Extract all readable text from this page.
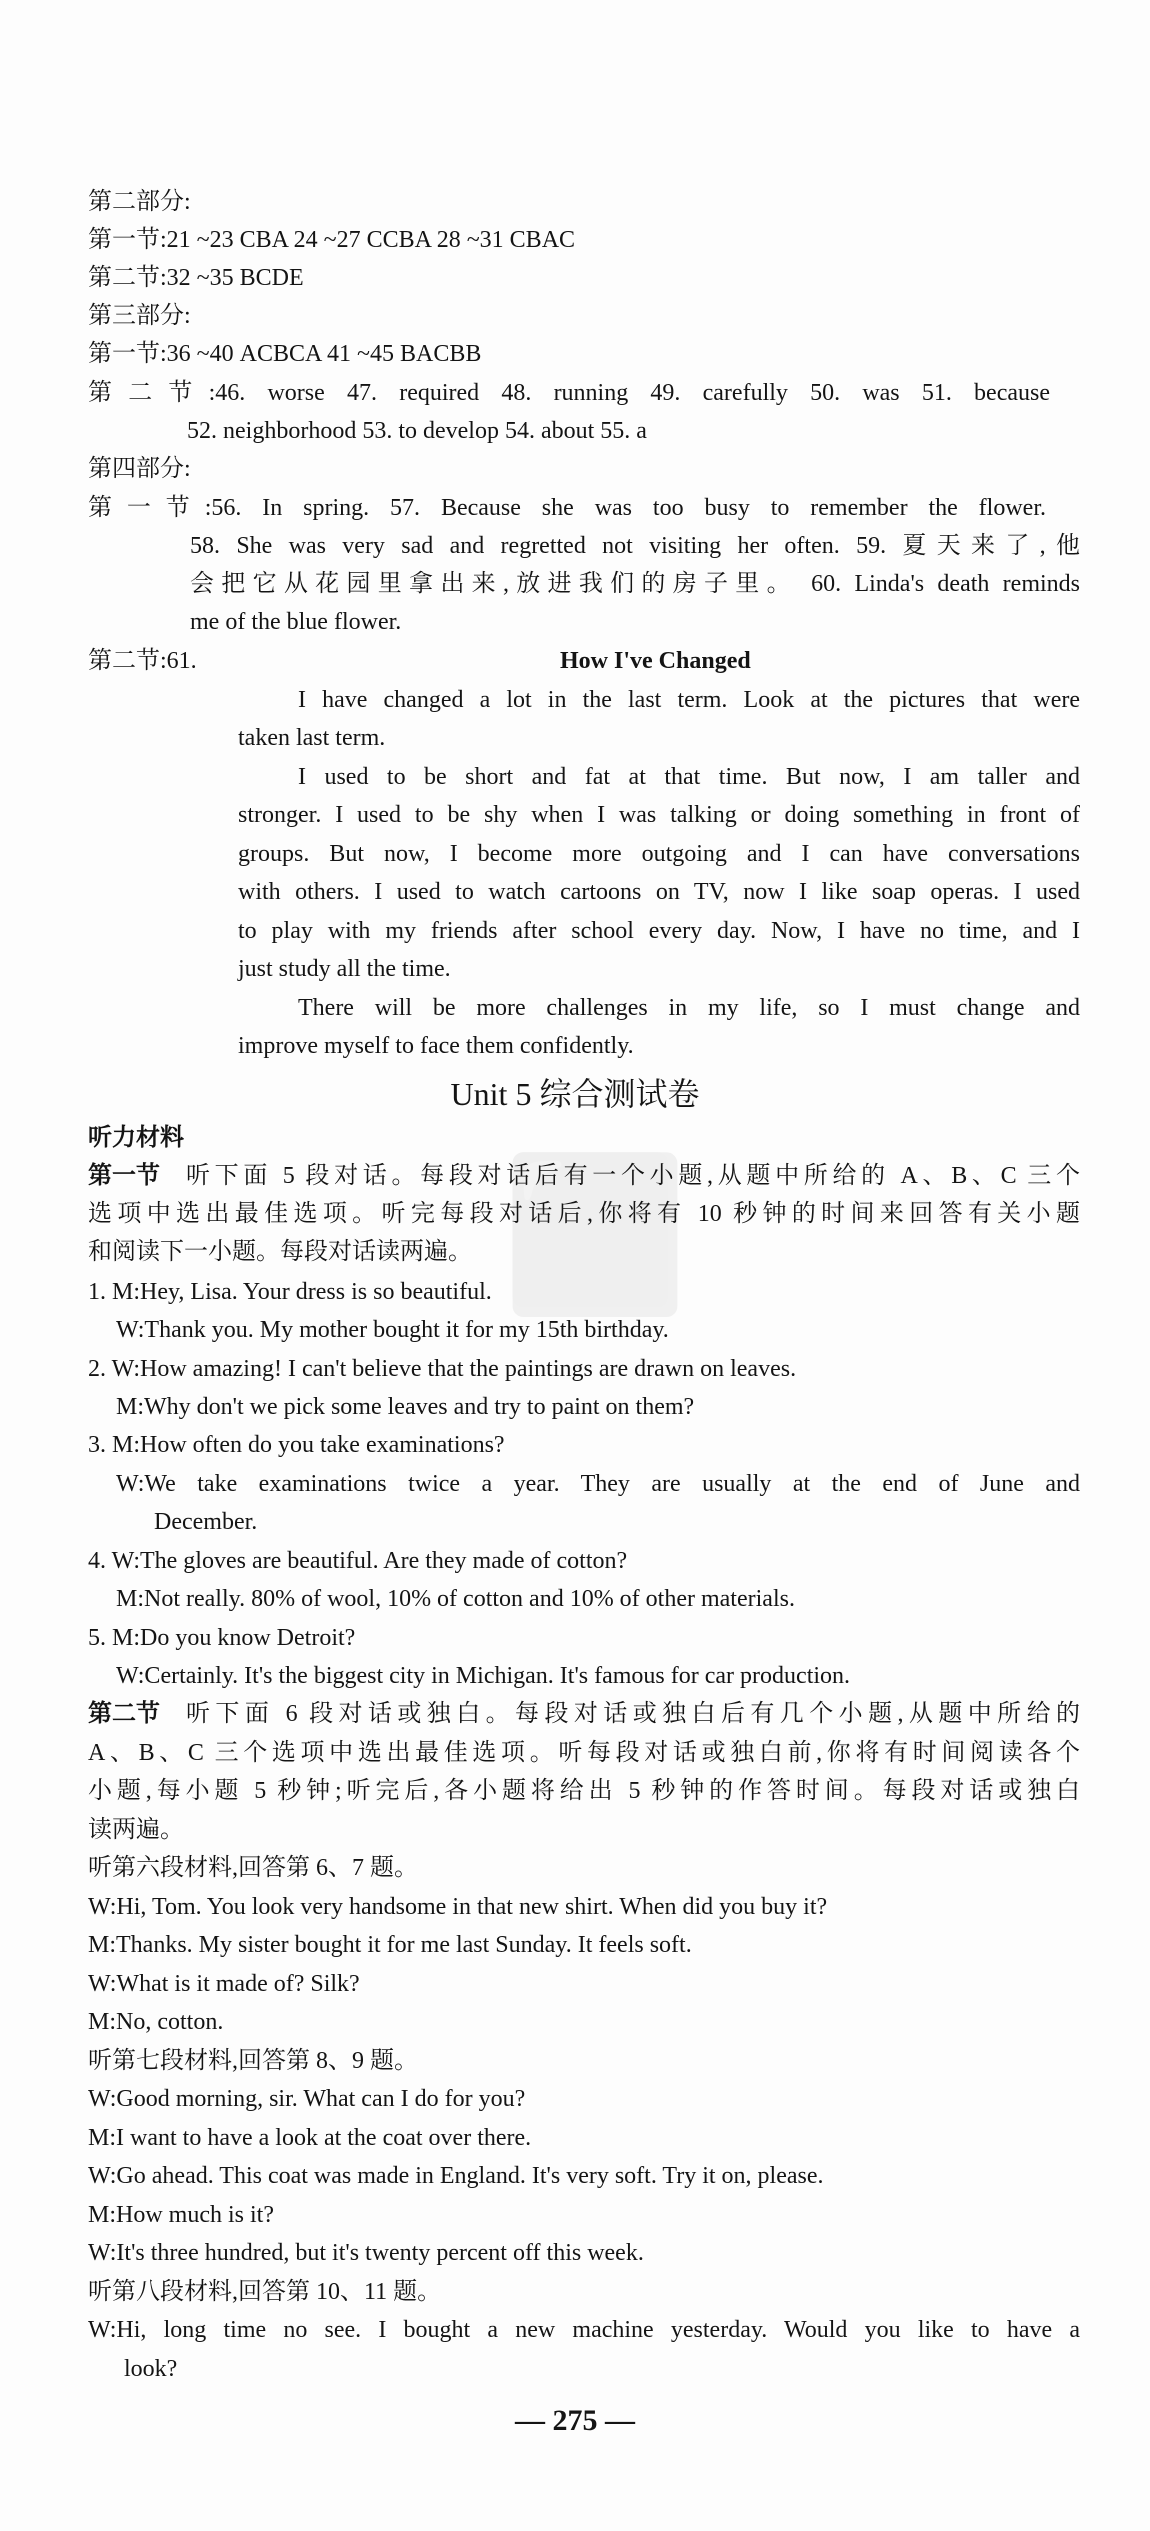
⬛
第二部分:
第一节:21 ~23 CBA 24 ~27 CCBA 28 ~31 CBAC
第二节:32 ~35 BCDE
第三部分:
第一节:36 ~40 ACBCA 41 ~45 BACBB
第二节:46. worse 47. required 48. running 49. carefully 50. was 51. because
52. neighborhood 53. to develop 54. about 55. a
第四部分:
第一节:56. In spring. 57. Because she was too busy to remember the flower.
58. She was very sad and regretted not visiting her often. 59. 夏天来了,他
会把它从花园里拿出来,放进我们的房子里。 60. Linda's death reminds
me of the blue flower.
第二节:61.	How I've Changed
I have changed a lot in the last term. Look at the pictures that were
taken last term.
I used to be short and fat at that time. But now, I am taller and
stronger. I used to be shy when I was talking or doing something in front of
groups. But now, I become more outgoing and I can have conversations
with others. I used to watch cartoons on TV, now I like soap operas. I used
to play with my friends after school every day. Now, I have no time, and I
just study all the time.
There will be more challenges in my life, so I must change and
improve myself to face them confidently.
Unit 5 综合测试卷
听力材料
第一节 听下面 5 段对话。每段对话后有一个小题,从题中所给的 A、B、C 三个
选项中选出最佳选项。听完每段对话后,你将有 10 秒钟的时间来回答有关小题
和阅读下一小题。每段对话读两遍。
1. M:Hey, Lisa. Your dress is so beautiful.
W:Thank you. My mother bought it for my 15th birthday.
2. W:How amazing! I can't believe that the paintings are drawn on leaves.
M:Why don't we pick some leaves and try to paint on them?
3. M:How often do you take examinations?
W:We take examinations twice a year. They are usually at the end of June and
December.
4. W:The gloves are beautiful. Are they made of cotton?
M:Not really. 80% of wool, 10% of cotton and 10% of other materials.
5. M:Do you know Detroit?
W:Certainly. It's the biggest city in Michigan. It's famous for car production.
第二节 听下面 6 段对话或独白。每段对话或独白后有几个小题,从题中所给的
A、B、C 三个选项中选出最佳选项。听每段对话或独白前,你将有时间阅读各个
小题,每小题 5 秒钟;听完后,各小题将给出 5 秒钟的作答时间。每段对话或独白
读两遍。
听第六段材料,回答第 6、7 题。
W:Hi, Tom. You look very handsome in that new shirt. When did you buy it?
M:Thanks. My sister bought it for me last Sunday. It feels soft.
W:What is it made of? Silk?
M:No, cotton.
听第七段材料,回答第 8、9 题。
W:Good morning, sir. What can I do for you?
M:I want to have a look at the coat over there.
W:Go ahead. This coat was made in England. It's very soft. Try it on, please.
M:How much is it?
W:It's three hundred, but it's twenty percent off this week.
听第八段材料,回答第 10、11 题。
W:Hi, long time no see. I bought a new machine yesterday. Would you like to have a
look?
— 275 —
